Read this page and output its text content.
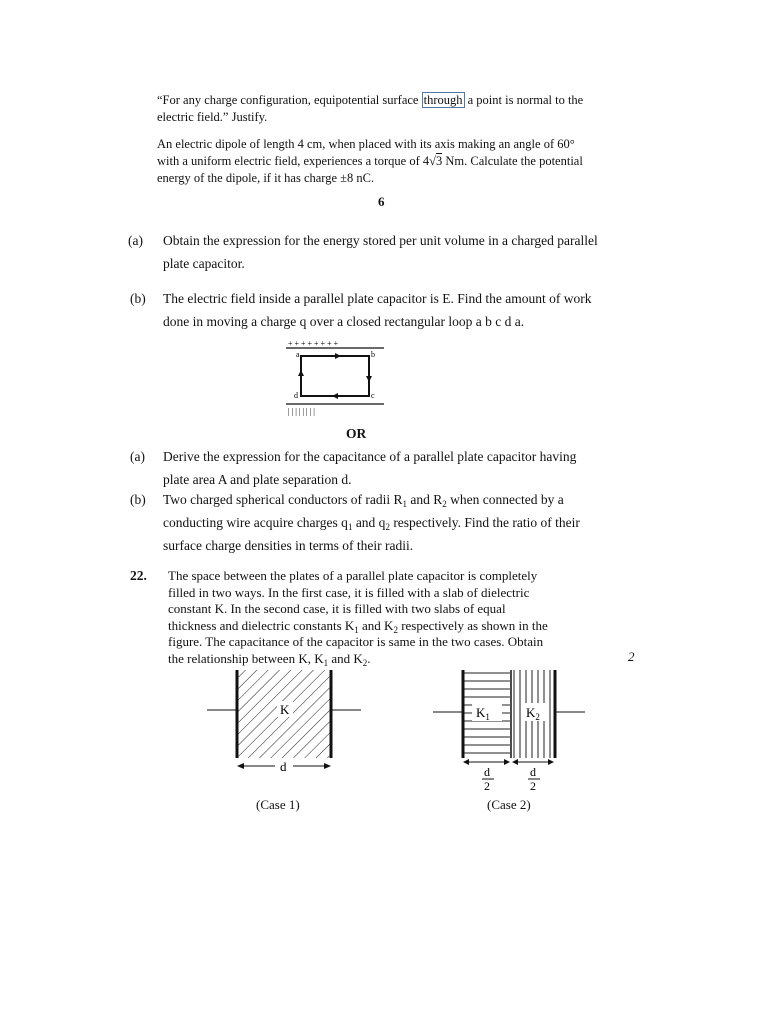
“For any charge configuration, equipotential surface through a point is normal to the
electric field.” Justify.
An electric dipole of length 4 cm, when placed with its axis making an angle of 60°
with a uniform electric field, experiences a torque of 4√3 Nm. Calculate the potential
energy of the dipole, if it has charge ±8 nC.
6
(a) Obtain the expression for the energy stored per unit volume in a charged parallel
plate capacitor.
(b) The electric field inside a parallel plate capacitor is E. Find the amount of work
done in moving a charge q over a closed rectangular loop a b c d a.
+ + + + + + + +
a	b
c
d
| | | | | | | |
OR
(a) Derive the expression for the capacitance of a parallel plate capacitor having
plate area A and plate separation d.
(b) Two charged spherical conductors of radii $R_1$ and $R_2$ when connected by a
conducting wire acquire charges $q_1$ and $q_2$ respectively. Find the ratio of their
surface charge densities in terms of their radii.
22. The space between the plates of a parallel plate capacitor is completely
filled in two ways. In the first case, it is filled with a slab of dielectric
constant K. In the second case, it is filled with two slabs of equal
thickness and dielectric constants $K_1$ and $K_2$ respectively as shown in the
figure. The capacitance of the capacitor is same in the two cases. Obtain
the relationship between K, $K_1$ and $K_2$.	2
K
d
(Case 1)
$K_1$	$K_2$
d
2
d
2
(Case 2)
